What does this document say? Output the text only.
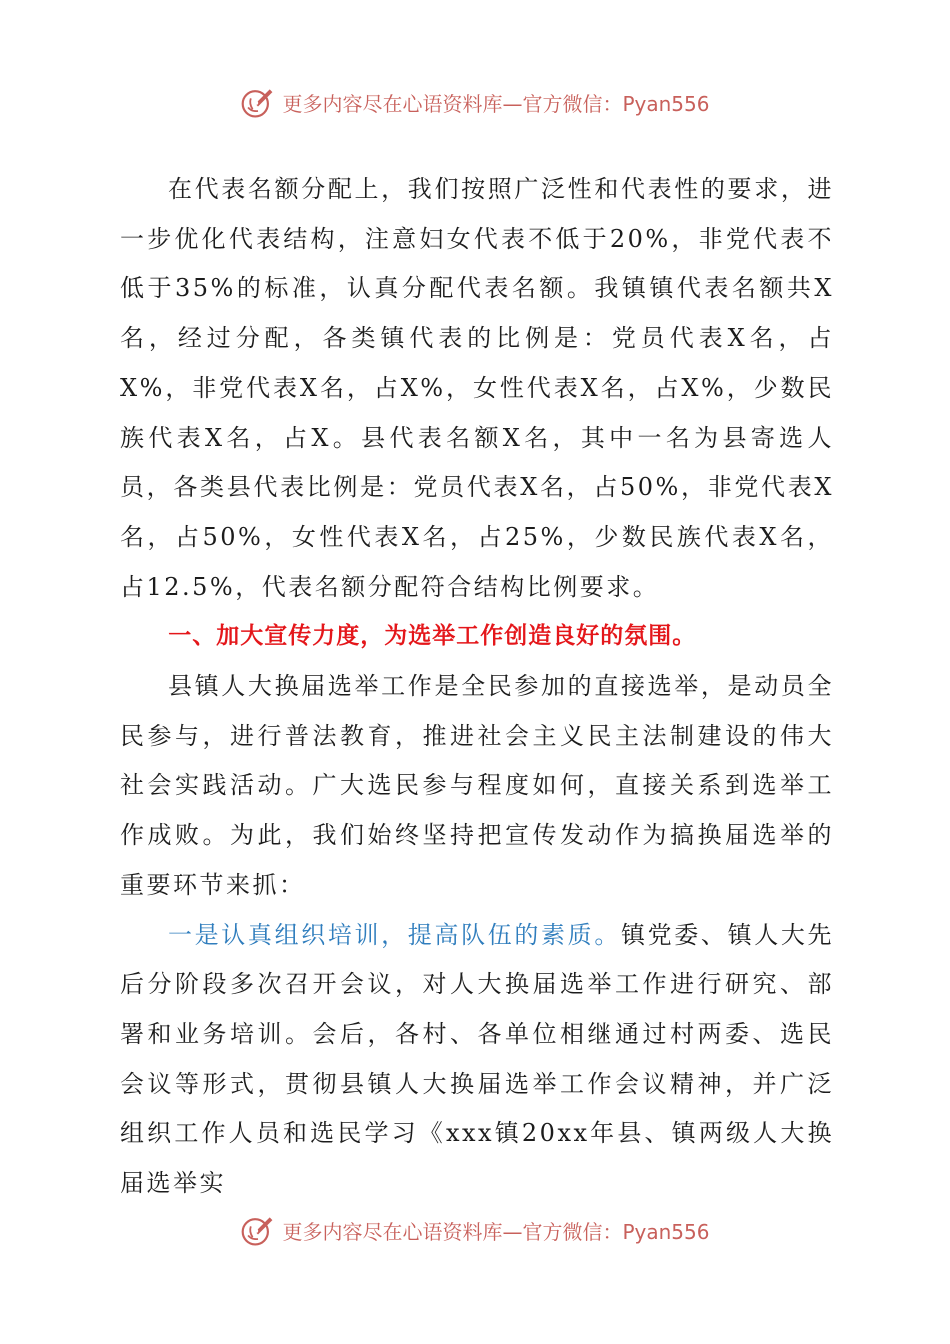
更多内容尽在心语资料库—官方微信：Pyan556

在代表名额分配上，我们按照广泛性和代表性的要求，进一步优化代表结构，注意妇女代表不低于20%，非党代表不低于35%的标准，认真分配代表名额。我镇镇代表名额共X名，经过分配，各类镇代表的比例是：党员代表X名，占X%，非党代表X名，占X%，女性代表X名，占X%，少数民族代表X名，占X。县代表名额X名，其中一名为县寄选人员，各类县代表比例是：党员代表X名，占50%，非党代表X名，占50%，女性代表X名，占25%，少数民族代表X名，占12.5%，代表名额分配符合结构比例要求。

一、加大宣传力度，为选举工作创造良好的氛围。

县镇人大换届选举工作是全民参加的直接选举，是动员全民参与，进行普法教育，推进社会主义民主法制建设的伟大社会实践活动。广大选民参与程度如何，直接关系到选举工作成败。为此，我们始终坚持把宣传发动作为搞换届选举的重要环节来抓：

一是认真组织培训，提高队伍的素质。镇党委、镇人大先后分阶段多次召开会议，对人大换届选举工作进行研究、部署和业务培训。会后，各村、各单位相继通过村两委、选民会议等形式，贯彻县镇人大换届选举工作会议精神，并广泛组织工作人员和选民学习《xxx镇20xx年县、镇两级人大换届选举实

更多内容尽在心语资料库—官方微信：Pyan556
